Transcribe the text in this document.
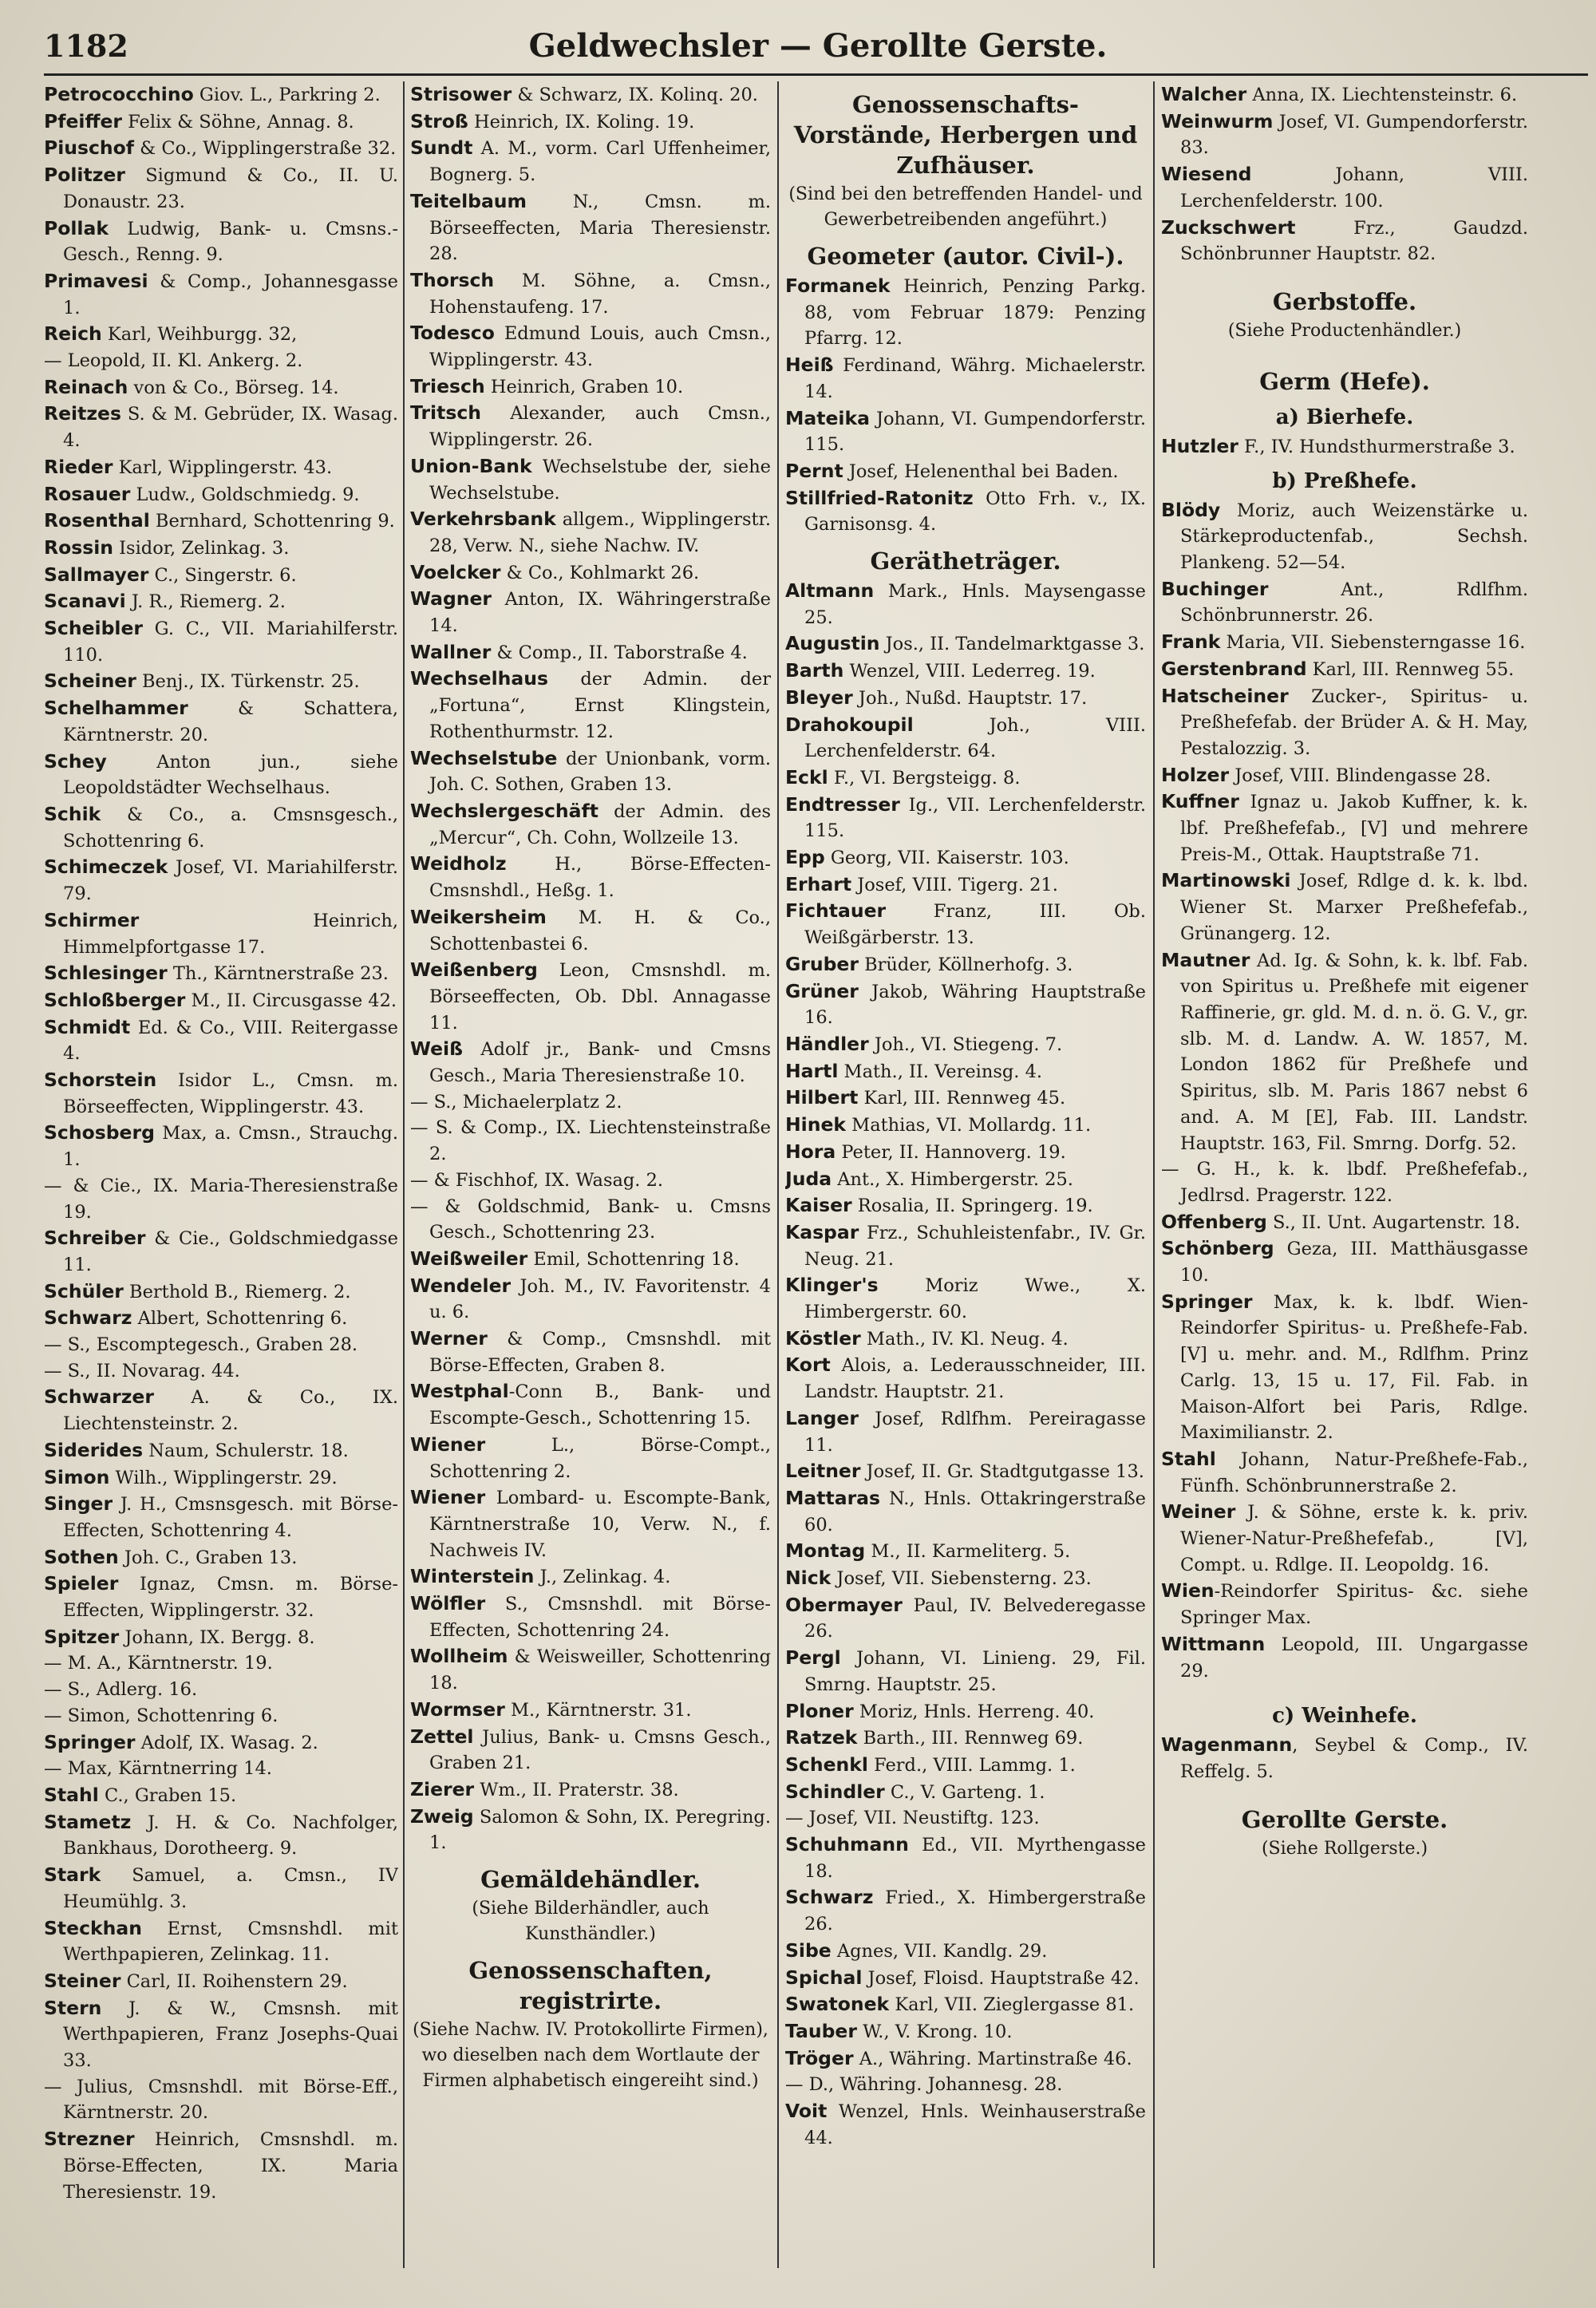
1182	Geldwechsler — Gerollte Gerste.

Petrococchino Giov. L., Parkring 2.

Pfeiffer Felix & Söhne, Annag. 8.

Piuschof & Co., Wipplingerstraße 32.

Politzer Sigmund & Co., II. U. Donaustr. 23.

Pollak Ludwig, Bank- u. Cmsns.-Gesch., Renng. 9.

Primavesi & Comp., Johannesgasse 1.

Reich Karl, Weihburgg. 32,

— Leopold, II. Kl. Ankerg. 2.

Reinach von & Co., Börseg. 14.

Reitzes S. & M. Gebrüder, IX. Wasag. 4.

Rieder Karl, Wipplingerstr. 43.

Rosauer Ludw., Goldschmiedg. 9.

Rosenthal Bernhard, Schottenring 9.

Rossin Isidor, Zelinkag. 3.

Sallmayer C., Singerstr. 6.

Scanavi J. R., Riemerg. 2.

Scheibler G. C., VII. Mariahilferstr. 110.

Scheiner Benj., IX. Türkenstr. 25.

Schelhammer & Schattera, Kärntnerstr. 20.

Schey Anton jun., siehe Leopoldstädter Wechselhaus.

Schik & Co., a. Cmsnsgesch., Schottenring 6.

Schimeczek Josef, VI. Mariahilferstr. 79.

Schirmer Heinrich, Himmelpfortgasse 17.

Schlesinger Th., Kärntnerstraße 23.

Schloßberger M., II. Circusgasse 42.

Schmidt Ed. & Co., VIII. Reitergasse 4.

Schorstein Isidor L., Cmsn. m. Börseeffecten, Wipplingerstr. 43.

Schosberg Max, a. Cmsn., Strauchg. 1.

— & Cie., IX. Maria-Theresienstraße 19.

Schreiber & Cie., Goldschmiedgasse 11.

Schüler Berthold B., Riemerg. 2.

Schwarz Albert, Schottenring 6.

— S., Escomptegesch., Graben 28.

— S., II. Novarag. 44.

Schwarzer A. & Co., IX. Liechtensteinstr. 2.

Siderides Naum, Schulerstr. 18.

Simon Wilh., Wipplingerstr. 29.

Singer J. H., Cmsnsgesch. mit Börse-Effecten, Schottenring 4.

Sothen Joh. C., Graben 13.

Spieler Ignaz, Cmsn. m. Börse-Effecten, Wipplingerstr. 32.

Spitzer Johann, IX. Bergg. 8.

— M. A., Kärntnerstr. 19.

— S., Adlerg. 16.

— Simon, Schottenring 6.

Springer Adolf, IX. Wasag. 2.

— Max, Kärntnerring 14.

Stahl C., Graben 15.

Stametz J. H. & Co. Nachfolger, Bankhaus, Dorotheerg. 9.

Stark Samuel, a. Cmsn., IV Heumühlg. 3.

Steckhan Ernst, Cmsnshdl. mit Werthpapieren, Zelinkag. 11.

Steiner Carl, II. Roihenstern 29.

Stern J. & W., Cmsnsh. mit Werthpapieren, Franz Josephs-Quai 33.

— Julius, Cmsnshdl. mit Börse-Eff., Kärntnerstr. 20.

Strezner Heinrich, Cmsnshdl. m. Börse-Effecten, IX. Maria Theresienstr. 19.

Strisower & Schwarz, IX. Kolinq. 20.

Stroß Heinrich, IX. Koling. 19.

Sundt A. M., vorm. Carl Uffenheimer, Bognerg. 5.

Teitelbaum N., Cmsn. m. Börseeffecten, Maria Theresienstr. 28.

Thorsch M. Söhne, a. Cmsn., Hohenstaufeng. 17.

Todesco Edmund Louis, auch Cmsn., Wipplingerstr. 43.

Triesch Heinrich, Graben 10.

Tritsch Alexander, auch Cmsn., Wipplingerstr. 26.

Union-Bank Wechselstube der, siehe Wechselstube.

Verkehrsbank allgem., Wipplingerstr. 28, Verw. N., siehe Nachw. IV.

Voelcker & Co., Kohlmarkt 26.

Wagner Anton, IX. Währingerstraße 14.

Wallner & Comp., II. Taborstraße 4.

Wechselhaus der Admin. der „Fortuna“, Ernst Klingstein, Rothenthurmstr. 12.

Wechselstube der Unionbank, vorm. Joh. C. Sothen, Graben 13.

Wechslergeschäft der Admin. des „Mercur“, Ch. Cohn, Wollzeile 13.

Weidholz H., Börse-Effecten-Cmsnshdl., Heßg. 1.

Weikersheim M. H. & Co., Schottenbastei 6.

Weißenberg Leon, Cmsnshdl. m. Börseeffecten, Ob. Dbl. Annagasse 11.

Weiß Adolf jr., Bank- und Cmsns Gesch., Maria Theresienstraße 10.

— S., Michaelerplatz 2.

— S. & Comp., IX. Liechtensteinstraße 2.

— & Fischhof, IX. Wasag. 2.

— & Goldschmid, Bank- u. Cmsns Gesch., Schottenring 23.

Weißweiler Emil, Schottenring 18.

Wendeler Joh. M., IV. Favoritenstr. 4 u. 6.

Werner & Comp., Cmsnshdl. mit Börse-Effecten, Graben 8.

Westphal-Conn B., Bank- und Escompte-Gesch., Schottenring 15.

Wiener L., Börse-Compt., Schottenring 2.

Wiener Lombard- u. Escompte-Bank, Kärntnerstraße 10, Verw. N., f. Nachweis IV.

Winterstein J., Zelinkag. 4.

Wölfler S., Cmsnshdl. mit Börse-Effecten, Schottenring 24.

Wollheim & Weisweiller, Schottenring 18.

Wormser M., Kärntnerstr. 31.

Zettel Julius, Bank- u. Cmsns Gesch., Graben 21.

Zierer Wm., II. Praterstr. 38.

Zweig Salomon & Sohn, IX. Peregring. 1.

Gemäldehändler.
(Siehe Bilderhändler, auch Kunsthändler.)
Genossenschaften, registrirte.
(Siehe Nachw. IV. Protokollirte Firmen), wo dieselben nach dem Wortlaute der Firmen alphabetisch eingereiht sind.)
Genossenschafts-Vorstände, Herbergen und Zufhäuser.
(Sind bei den betreffenden Handel- und Gewerbetreibenden angeführt.)
Geometer (autor. Civil-).

Formanek Heinrich, Penzing Parkg. 88, vom Februar 1879: Penzing Pfarrg. 12.

Heiß Ferdinand, Währg. Michaelerstr. 14.

Mateika Johann, VI. Gumpendorferstr. 115.

Pernt Josef, Helenenthal bei Baden.

Stillfried-Ratonitz Otto Frh. v., IX. Garnisonsg. 4.

Gerätheträger.

Altmann Mark., Hnls. Maysengasse 25.

Augustin Jos., II. Tandelmarktgasse 3.

Barth Wenzel, VIII. Lederreg. 19.

Bleyer Joh., Nußd. Hauptstr. 17.

Drahokoupil Joh., VIII. Lerchenfelderstr. 64.

Eckl F., VI. Bergsteigg. 8.

Endtresser Ig., VII. Lerchenfelderstr. 115.

Epp Georg, VII. Kaiserstr. 103.

Erhart Josef, VIII. Tigerg. 21.

Fichtauer Franz, III. Ob. Weißgärberstr. 13.

Gruber Brüder, Köllnerhofg. 3.

Grüner Jakob, Währing Hauptstraße 16.

Händler Joh., VI. Stiegeng. 7.

Hartl Math., II. Vereinsg. 4.

Hilbert Karl, III. Rennweg 45.

Hinek Mathias, VI. Mollardg. 11.

Hora Peter, II. Hannoverg. 19.

Juda Ant., X. Himbergerstr. 25.

Kaiser Rosalia, II. Springerg. 19.

Kaspar Frz., Schuhleistenfabr., IV. Gr. Neug. 21.

Klinger's Moriz Wwe., X. Himbergerstr. 60.

Köstler Math., IV. Kl. Neug. 4.

Kort Alois, a. Lederausschneider, III. Landstr. Hauptstr. 21.

Langer Josef, Rdlfhm. Pereiragasse 11.

Leitner Josef, II. Gr. Stadtgutgasse 13.

Mattaras N., Hnls. Ottakringerstraße 60.

Montag M., II. Karmeliterg. 5.

Nick Josef, VII. Siebensterng. 23.

Obermayer Paul, IV. Belvederegasse 26.

Pergl Johann, VI. Linieng. 29, Fil. Smrng. Hauptstr. 25.

Ploner Moriz, Hnls. Herreng. 40.

Ratzek Barth., III. Rennweg 69.

Schenkl Ferd., VIII. Lammg. 1.

Schindler C., V. Garteng. 1.

— Josef, VII. Neustiftg. 123.

Schuhmann Ed., VII. Myrthengasse 18.

Schwarz Fried., X. Himbergerstraße 26.

Sibe Agnes, VII. Kandlg. 29.

Spichal Josef, Floisd. Hauptstraße 42.

Swatonek Karl, VII. Zieglergasse 81.

Tauber W., V. Krong. 10.

Tröger A., Währing. Martinstraße 46.

— D., Währing. Johannesg. 28.

Voit Wenzel, Hnls. Weinhauserstraße 44.

Walcher Anna, IX. Liechtensteinstr. 6.

Weinwurm Josef, VI. Gumpendorferstr. 83.

Wiesend Johann, VIII. Lerchenfelderstr. 100.

Zuckschwert Frz., Gaudzd. Schönbrunner Hauptstr. 82.

Gerbstoffe.
(Siehe Productenhändler.)
Germ (Hefe).
a) Bierhefe.

Hutzler F., IV. Hundsthurmerstraße 3.

b) Preßhefe.

Blödy Moriz, auch Weizenstärke u. Stärkeproductenfab., Sechsh. Plankeng. 52—54.

Buchinger Ant., Rdlfhm. Schönbrunnerstr. 26.

Frank Maria, VII. Siebensterngasse 16.

Gerstenbrand Karl, III. Rennweg 55.

Hatscheiner Zucker-, Spiritus- u. Preßhefefab. der Brüder A. & H. May, Pestalozzig. 3.

Holzer Josef, VIII. Blindengasse 28.

Kuffner Ignaz u. Jakob Kuffner, k. k. lbf. Preßhefefab., [V] und mehrere Preis-M., Ottak. Hauptstraße 71.

Martinowski Josef, Rdlge d. k. k. lbd. Wiener St. Marxer Preßhefefab., Grünangerg. 12.

Mautner Ad. Ig. & Sohn, k. k. lbf. Fab. von Spiritus u. Preßhefe mit eigener Raffinerie, gr. gld. M. d. n. ö. G. V., gr. slb. M. d. Landw. A. W. 1857, M. London 1862 für Preßhefe und Spiritus, slb. M. Paris 1867 nebst 6 and. A. M [E], Fab. III. Landstr. Hauptstr. 163, Fil. Smrng. Dorfg. 52.

— G. H., k. k. lbdf. Preßhefefab., Jedlrsd. Pragerstr. 122.

Offenberg S., II. Unt. Augartenstr. 18.

Schönberg Geza, III. Matthäusgasse 10.

Springer Max, k. k. lbdf. Wien-Reindorfer Spiritus- u. Preßhefe-Fab. [V] u. mehr. and. M., Rdlfhm. Prinz Carlg. 13, 15 u. 17, Fil. Fab. in Maison-Alfort bei Paris, Rdlge. Maximilianstr. 2.

Stahl Johann, Natur-Preßhefe-Fab., Fünfh. Schönbrunnerstraße 2.

Weiner J. & Söhne, erste k. k. priv. Wiener-Natur-Preßhefefab., [V], Compt. u. Rdlge. II. Leopoldg. 16.

Wien-Reindorfer Spiritus- &c. siehe Springer Max.

Wittmann Leopold, III. Ungargasse 29.

c) Weinhefe.

Wagenmann, Seybel & Comp., IV. Reffelg. 5.

Gerollte Gerste.
(Siehe Rollgerste.)
